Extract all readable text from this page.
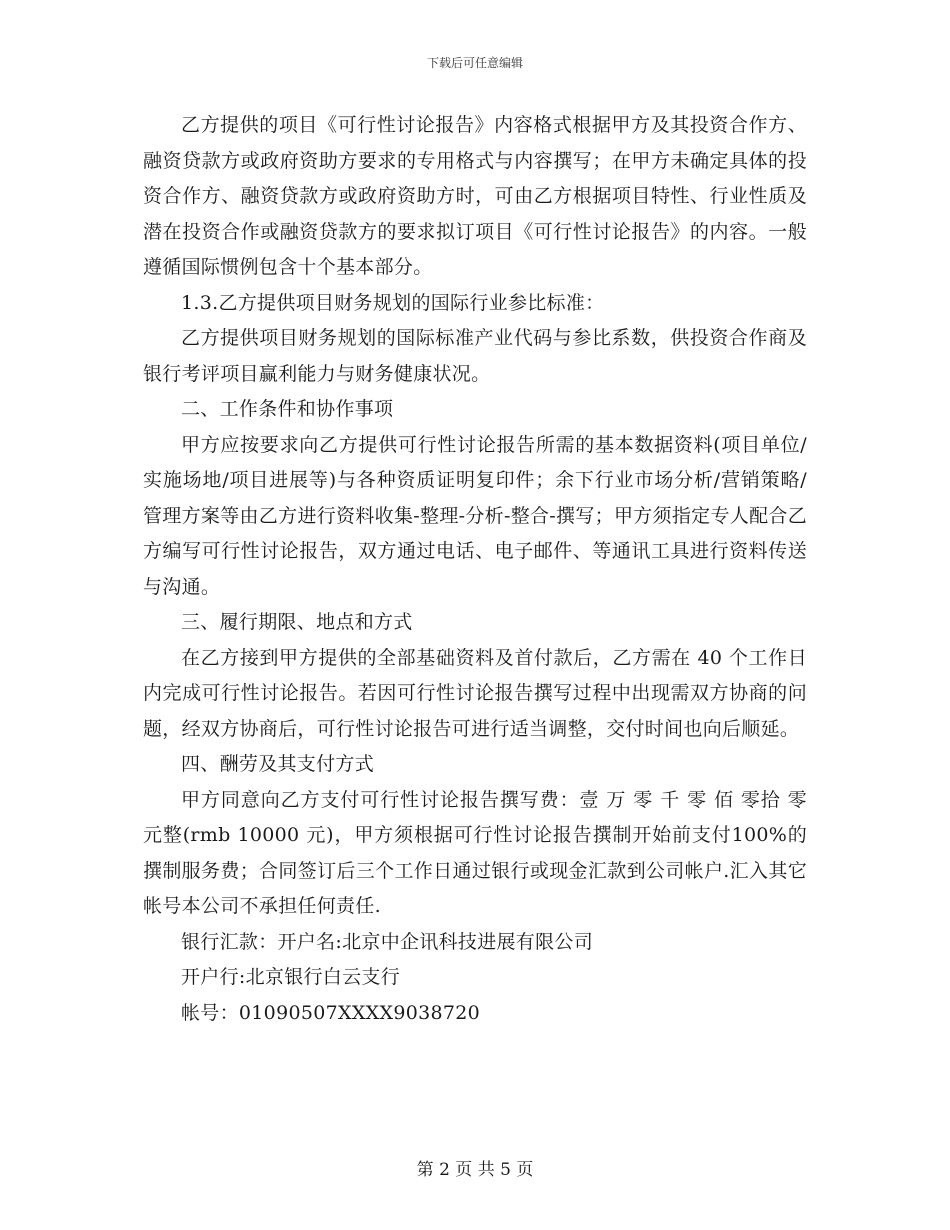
下载后可任意编辑

乙方提供的项目《可行性讨论报告》内容格式根据甲方及其投资合作方、融资贷款方或政府资助方要求的专用格式与内容撰写；在甲方未确定具体的投资合作方、融资贷款方或政府资助方时，可由乙方根据项目特性、行业性质及潜在投资合作或融资贷款方的要求拟订项目《可行性讨论报告》的内容。一般遵循国际惯例包含十个基本部分。

1.3.乙方提供项目财务规划的国际行业参比标准：

乙方提供项目财务规划的国际标准产业代码与参比系数，供投资合作商及银行考评项目赢利能力与财务健康状况。

二、工作条件和协作事项

甲方应按要求向乙方提供可行性讨论报告所需的基本数据资料(项目单位/实施场地/项目进展等)与各种资质证明复印件；余下行业市场分析/营销策略/管理方案等由乙方进行资料收集-整理-分析-整合-撰写；甲方须指定专人配合乙方编写可行性讨论报告，双方通过电话、电子邮件、等通讯工具进行资料传送与沟通。

三、履行期限、地点和方式

在乙方接到甲方提供的全部基础资料及首付款后，乙方需在 40 个工作日内完成可行性讨论报告。若因可行性讨论报告撰写过程中出现需双方协商的问题，经双方协商后，可行性讨论报告可进行适当调整，交付时间也向后顺延。

四、酬劳及其支付方式

甲方同意向乙方支付可行性讨论报告撰写费：壹 万 零 千 零 佰 零拾 零 元整(rmb 10000 元)，甲方须根据可行性讨论报告撰制开始前支付100%的撰制服务费；合同签订后三个工作日通过银行或现金汇款到公司帐户.汇入其它帐号本公司不承担任何责任.

银行汇款：开户名:北京中企讯科技进展有限公司

开户行:北京银行白云支行

帐号：01090507XXXX9038720

第 2 页 共 5 页
